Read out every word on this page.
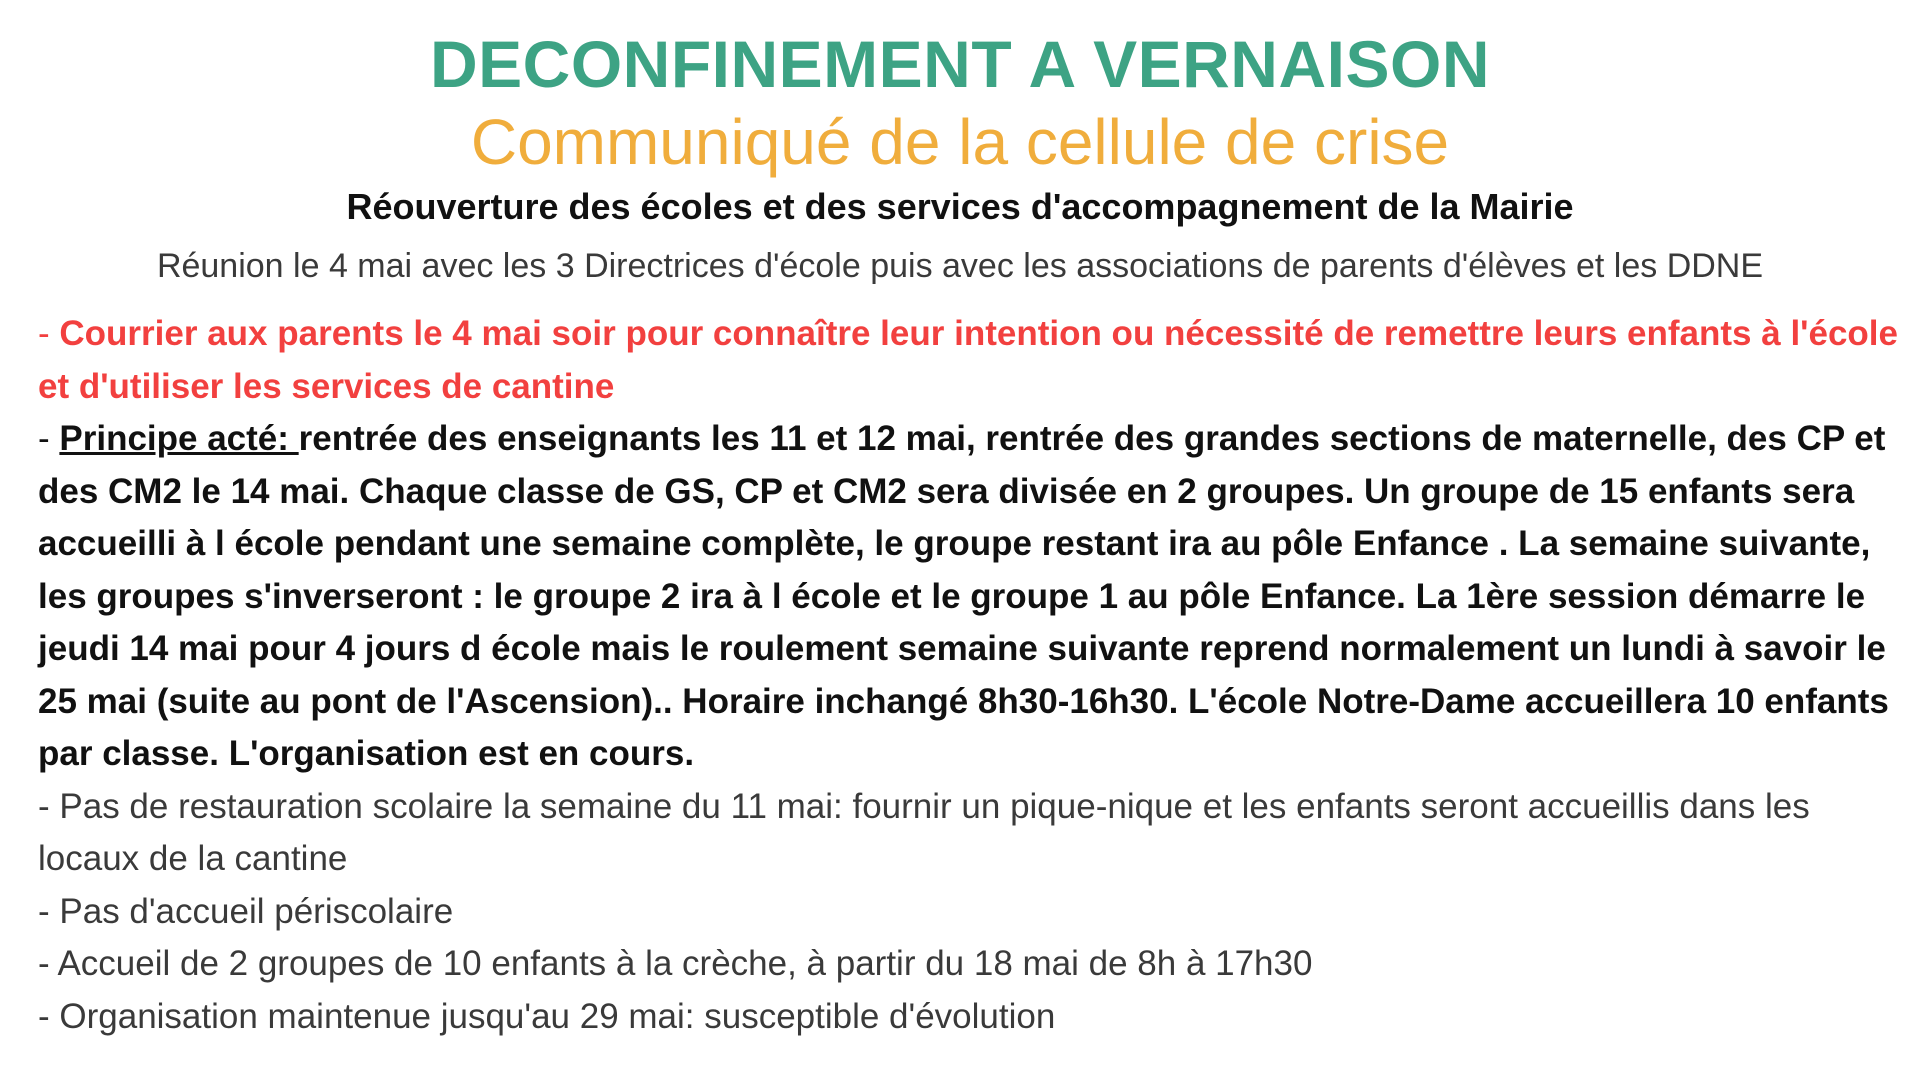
DECONFINEMENT A VERNAISON
Communiqué de la cellule de crise
Réouverture des écoles et des services d'accompagnement de la Mairie
Réunion le 4 mai avec les 3 Directrices d'école puis avec les associations de parents d'élèves et les DDNE

- Courrier aux parents le 4 mai soir pour connaître leur intention ou nécessité de remettre leurs enfants à l'école et d'utiliser les services de cantine

- Principe acté: rentrée des enseignants les 11 et 12 mai, rentrée des grandes sections de maternelle, des CP et des CM2 le 14 mai. Chaque classe de GS, CP et CM2 sera divisée en 2 groupes. Un groupe de 15 enfants sera accueilli à l école pendant une semaine complète, le groupe restant ira au pôle Enfance . La semaine suivante, les groupes s'inverseront : le groupe 2 ira à l école et le groupe 1 au pôle Enfance. La 1ère session démarre le jeudi 14 mai pour 4 jours d école mais le roulement semaine suivante reprend normalement un lundi à savoir le 25 mai (suite au pont de l'Ascension).. Horaire inchangé 8h30-16h30. L'école Notre-Dame accueillera 10 enfants par classe. L'organisation est en cours.

- Pas de restauration scolaire la semaine du 11 mai: fournir un pique-nique et les enfants seront accueillis dans les locaux de la cantine

- Pas d'accueil périscolaire

- Accueil de 2 groupes de 10 enfants à la crèche, à partir du 18 mai de 8h à 17h30

- Organisation maintenue jusqu'au 29 mai: susceptible d'évolution
